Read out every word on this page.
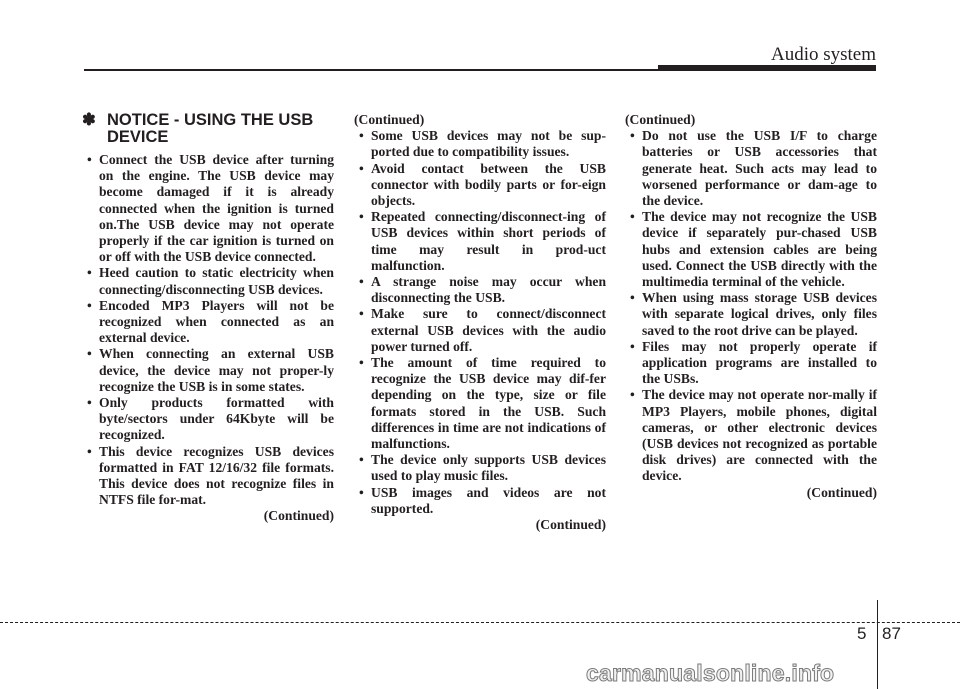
Audio system
✽ NOTICE - USING THE USB DEVICE
• Connect the USB device after turning on the engine. The USB device may become damaged if it is already connected when the ignition is turned on.The USB device may not operate properly if the car ignition is turned on or off with the USB device connected.
• Heed caution to static electricity when connecting/disconnecting USB devices.
• Encoded MP3 Players will not be recognized when connected as an external device.
• When connecting an external USB device, the device may not proper-ly recognize the USB is in some states.
• Only products formatted with byte/sectors under 64Kbyte will be recognized.
• This device recognizes USB devices formatted in FAT 12/16/32 file formats. This device does not recognize files in NTFS file for-mat.
(Continued)
(Continued)
• Some USB devices may not be sup-ported due to compatibility issues.
• Avoid contact between the USB connector with bodily parts or for-eign objects.
• Repeated connecting/disconnect-ing of USB devices within short periods of time may result in prod-uct malfunction.
• A strange noise may occur when disconnecting the USB.
• Make sure to connect/disconnect external USB devices with the audio power turned off.
• The amount of time required to recognize the USB device may dif-fer depending on the type, size or file formats stored in the USB. Such differences in time are not indications of malfunctions.
• The device only supports USB devices used to play music files.
• USB images and videos are not supported.
(Continued)
(Continued)
• Do not use the USB I/F to charge batteries or USB accessories that generate heat. Such acts may lead to worsened performance or dam-age to the device.
• The device may not recognize the USB device if separately pur-chased USB hubs and extension cables are being used. Connect the USB directly with the multimedia terminal of the vehicle.
• When using mass storage USB devices with separate logical drives, only files saved to the root drive can be played.
• Files may not properly operate if application programs are installed to the USBs.
• The device may not operate nor-mally if MP3 Players, mobile phones, digital cameras, or other electronic devices (USB devices not recognized as portable disk drives) are connected with the device.
(Continued)
5 87
carmanualsonline.info
